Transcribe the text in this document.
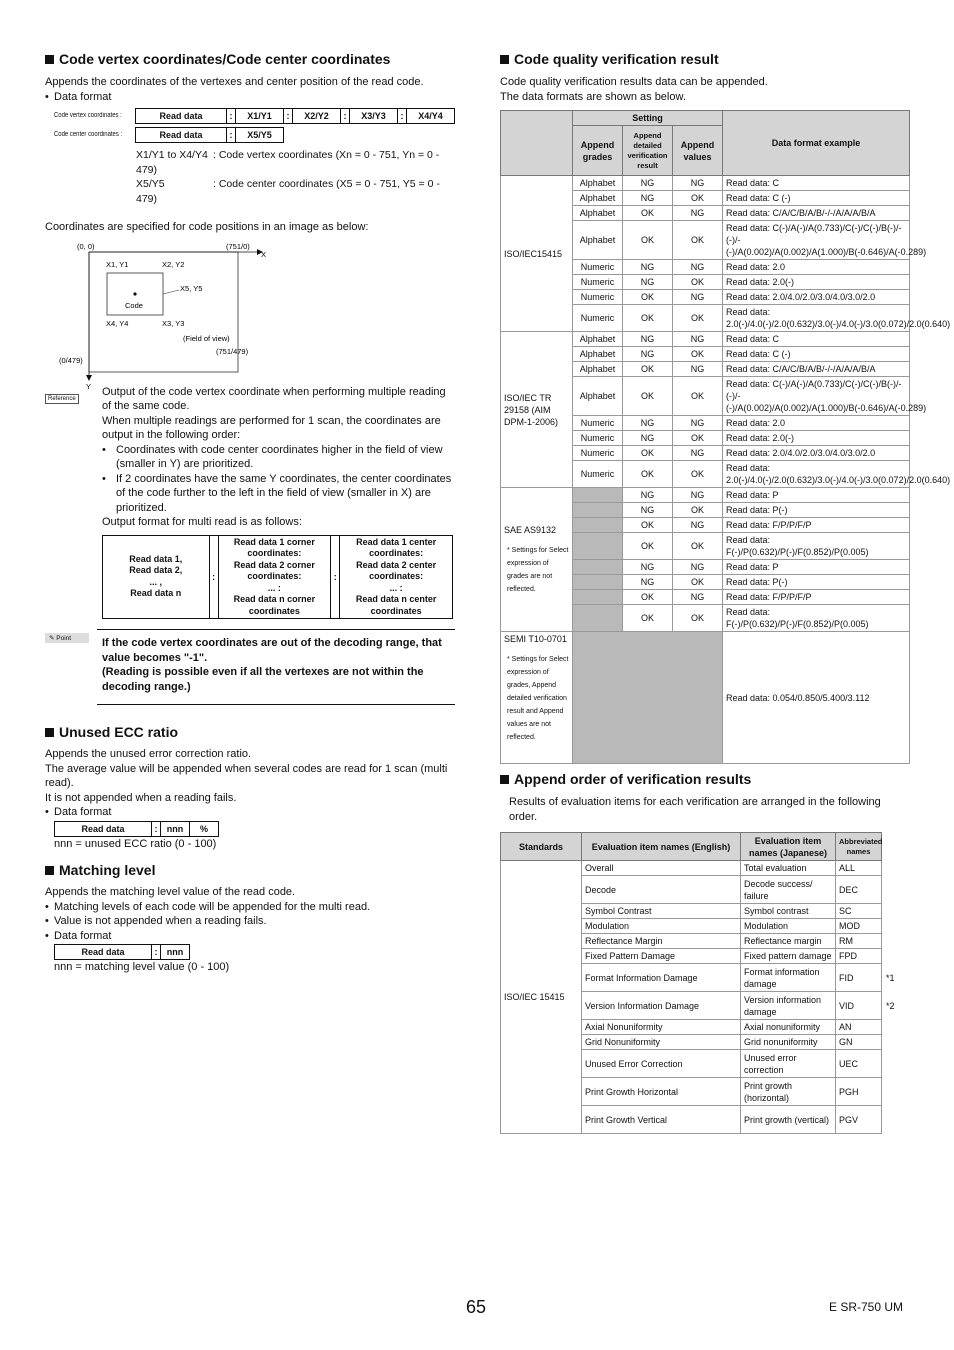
Code vertex coordinates/Code center coordinates

Appends the coordinates of the vertexes and center position of the read code.

• Data format
Code vertex coordinates :	Read data	:	X1/Y1	:	X2/Y2	:	X3/Y3	:	X4/Y4
Code center coordinates :	Read data	:	X5/Y5
X1/Y1 to X4/Y4 : Code vertex coordinates (Xn = 0 - 751, Yn = 0 - 479)
X5/Y5	: Code center coordinates (X5 = 0 - 751, Y5 = 0 - 479)

Coordinates are specified for code positions in an image as below:

(0, 0)	(751/0)
X
Y
(0/479)
(751/479)
X1, Y1	X2, Y2
X4, Y4	X3, Y3
X5, Y5
Code
(Field of view)
Reference
Output of the code vertex coordinate when performing multiple reading of the same code.
When multiple readings are performed for 1 scan, the coordinates are output in the following order:
• Coordinates with code center coordinates higher in the field of view (smaller in Y) are prioritized.
• If 2 coordinates have the same Y coordinates, the center coordinates of the code further to the left in the field of view (smaller in X) are prioritized.
Output format for multi read is as follows:
Read data 1,
Read data 2,
... ,
Read data n	:	Read data 1 corner coordinates:
Read data 2 corner coordinates:
... :
Read data n corner coordinates	:	Read data 1 center coordinates:
Read data 2 center coordinates:
... :
Read data n center coordinates
✎ Point	If the code vertex coordinates are out of the decoding range, that value becomes "-1".
(Reading is possible even if all the vertexes are not within the decoding range.)
Unused ECC ratio

Appends the unused error correction ratio.

The average value will be appended when several codes are read for 1 scan (multi read).

It is not appended when a reading fails.

• Data format
Read data	:	nnn	%

nnn = unused ECC ratio (0 - 100)

Matching level

Appends the matching level value of the read code.

• Matching levels of each code will be appended for the multi read.
• Value is not appended when a reading fails.
• Data format
Read data	:	nnn

nnn = matching level value (0 - 100)

Code quality verification result

Code quality verification results data can be appended.

The data formats are shown as below.

	Setting			Data format example
	Append grades	Append detailed verification result	Append values	

ISO/IEC15415	Alphabet	NG	NG	Read data: C
	Alphabet	NG	OK	Read data: C (-)
	Alphabet	OK	NG	Read data: C/A/C/B/A/B/-/-/A/A/A/B/A
	Alphabet	OK	OK	Read data: C(-)/A(-)/A(0.733)/C(-)/C(-)/B(-)/-(-)/-(-)/A(0.002)/A(0.002)/A(1.000)/B(-0.646)/A(-0.289)
	Numeric	NG	NG	Read data: 2.0
	Numeric	NG	OK	Read data: 2.0(-)
	Numeric	OK	NG	Read data: 2.0/4.0/2.0/3.0/4.0/3.0/2.0
	Numeric	OK	OK	Read data: 2.0(-)/4.0(-)/2.0(0.632)/3.0(-)/4.0(-)/3.0(0.072)/2.0(0.640)

ISO/IEC TR 29158 (AIM DPM-1-2006)	Alphabet	NG	NG	Read data: C
	Alphabet	NG	OK	Read data: C (-)
	Alphabet	OK	NG	Read data: C/A/C/B/A/B/-/-/A/A/A/B/A
	Alphabet	OK	OK	Read data: C(-)/A(-)/A(0.733)/C(-)/C(-)/B(-)/-(-)/-(-)/A(0.002)/A(0.002)/A(1.000)/B(-0.646)/A(-0.289)
	Numeric	NG	NG	Read data: 2.0
	Numeric	NG	OK	Read data: 2.0(-)
	Numeric	OK	NG	Read data: 2.0/4.0/2.0/3.0/4.0/3.0/2.0
	Numeric	OK	OK	Read data: 2.0(-)/4.0(-)/2.0(0.632)/3.0(-)/4.0(-)/3.0(0.072)/2.0(0.640)

SAE AS9132
* Settings for Select expression of grades are not reflected.		NG	NG	Read data: P
		NG	OK	Read data: P(-)
		OK	NG	Read data: F/P/P/F/P
		OK	OK	Read data: F(-)/P(0.632)/P(-)/F(0.852)/P(0.005)
		NG	NG	Read data: P
		NG	OK	Read data: P(-)
		OK	NG	Read data: F/P/P/F/P
		OK	OK	Read data: F(-)/P(0.632)/P(-)/F(0.852)/P(0.005)

SEMI T10-0701
* Settings for Select expression of grades, Append detailed verification result and Append values are not reflected.				Read data: 0.054/0.850/5.400/3.112
Append order of verification results

Results of evaluation items for each verification are arranged in the following order.

Standards	Evaluation item names (English)	Evaluation item names (Japanese)	Abbreviated names
ISO/IEC 15415	Overall	Total evaluation	ALL
	Decode	Decode success/ failure	DEC
	Symbol Contrast	Symbol contrast	SC
	Modulation	Modulation	MOD
	Reflectance Margin	Reflectance margin	RM
	Fixed Pattern Damage	Fixed pattern damage	FPD
	Format Information Damage	Format information damage	FID *1

	Version Information Damage	Version information damage	VID *2

	Axial Nonuniformity	Axial nonuniformity	AN
	Grid Nonuniformity	Grid nonuniformity	GN
	Unused Error Correction	Unused error correction	UEC
	Print Growth Horizontal	Print growth (horizontal)	PGH
	Print Growth Vertical	Print growth (vertical)	PGV
65	E SR-750 UM
